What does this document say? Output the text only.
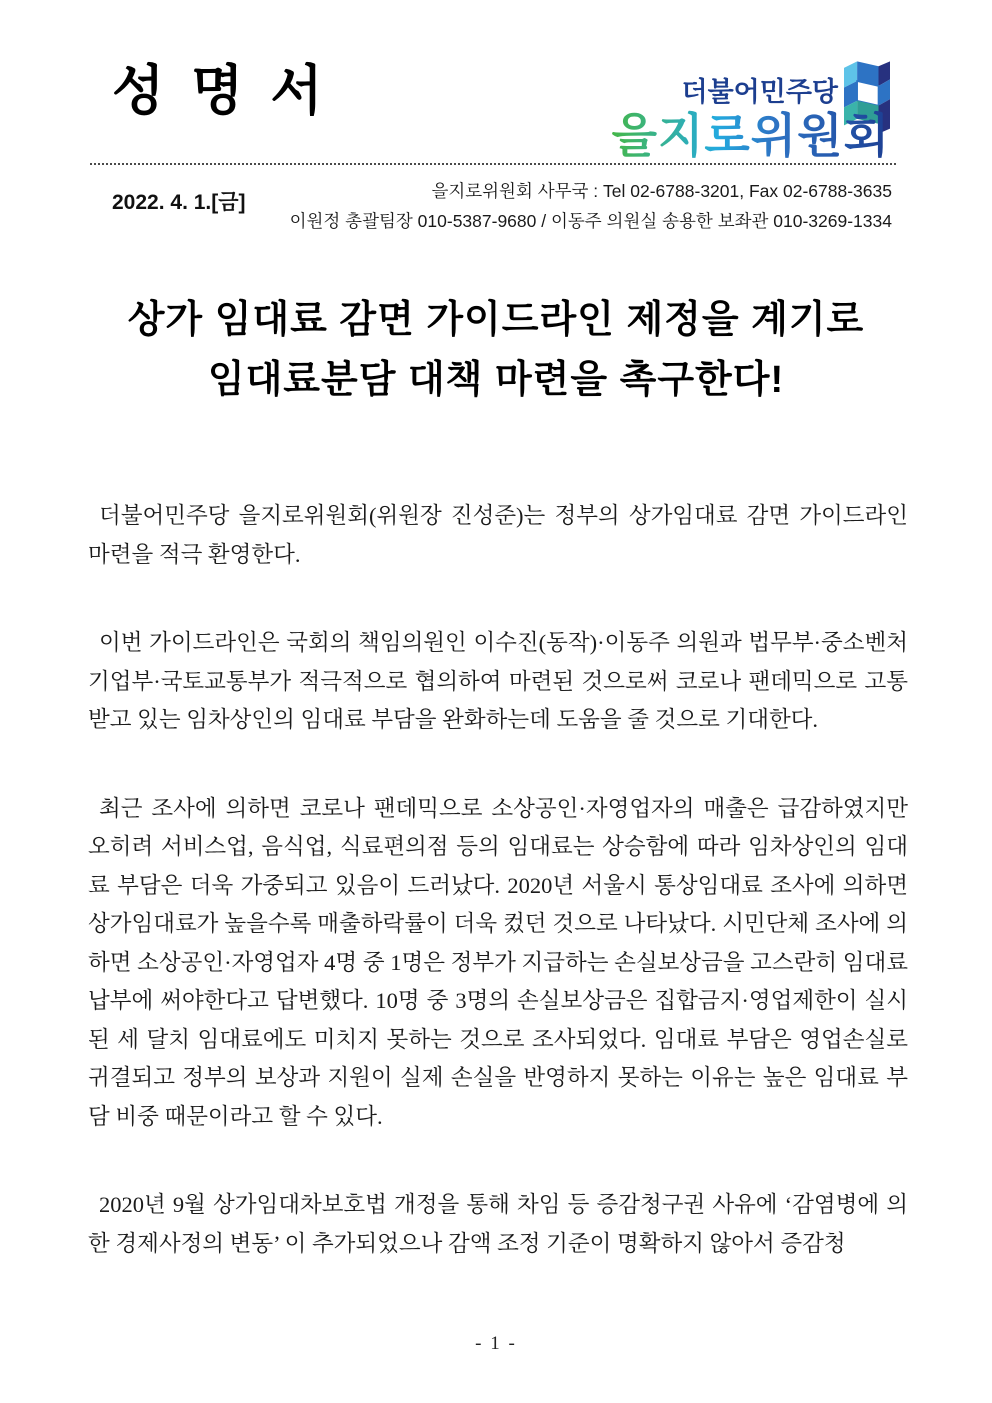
성 명 서	더불어민주당

을지로위원회

2022. 4. 1.[금]	을지로위원회 사무국 : Tel 02-6788-3201, Fax 02-6788-3635
이원정 총괄팀장 010-5387-9680 / 이동주 의원실 송용한 보좌관 010-3269-1334
상가 임대료 감면 가이드라인 제정을 계기로
임대료분담 대책 마련을 촉구한다!

더불어민주당 을지로위원회(위원장 진성준)는 정부의 상가임대료 감면 가이드라인 마련을 적극 환영한다.

이번 가이드라인은 국회의 책임의원인 이수진(동작)·이동주 의원과 법무부·중소벤처기업부·국토교통부가 적극적으로 협의하여 마련된 것으로써 코로나 팬데믹으로 고통받고 있는 임차상인의 임대료 부담을 완화하는데 도움을 줄 것으로 기대한다.

최근 조사에 의하면 코로나 팬데믹으로 소상공인·자영업자의 매출은 급감하였지만 오히려 서비스업, 음식업, 식료편의점 등의 임대료는 상승함에 따라 임차상인의 임대료 부담은 더욱 가중되고 있음이 드러났다. 2020년 서울시 통상임대료 조사에 의하면 상가임대료가 높을수록 매출하락률이 더욱 컸던 것으로 나타났다. 시민단체 조사에 의하면 소상공인·자영업자 4명 중 1명은 정부가 지급하는 손실보상금을 고스란히 임대료 납부에 써야한다고 답변했다. 10명 중 3명의 손실보상금은 집합금지·영업제한이 실시된 세 달치 임대료에도 미치지 못하는 것으로 조사되었다. 임대료 부담은 영업손실로 귀결되고 정부의 보상과 지원이 실제 손실을 반영하지 못하는 이유는 높은 임대료 부담 비중 때문이라고 할 수 있다.

2020년 9월 상가임대차보호법 개정을 통해 차임 등 증감청구권 사유에 ‘감염병에 의한 경제사정의 변동’ 이 추가되었으나 감액 조정 기준이 명확하지 않아서 증감청

- 1 -
